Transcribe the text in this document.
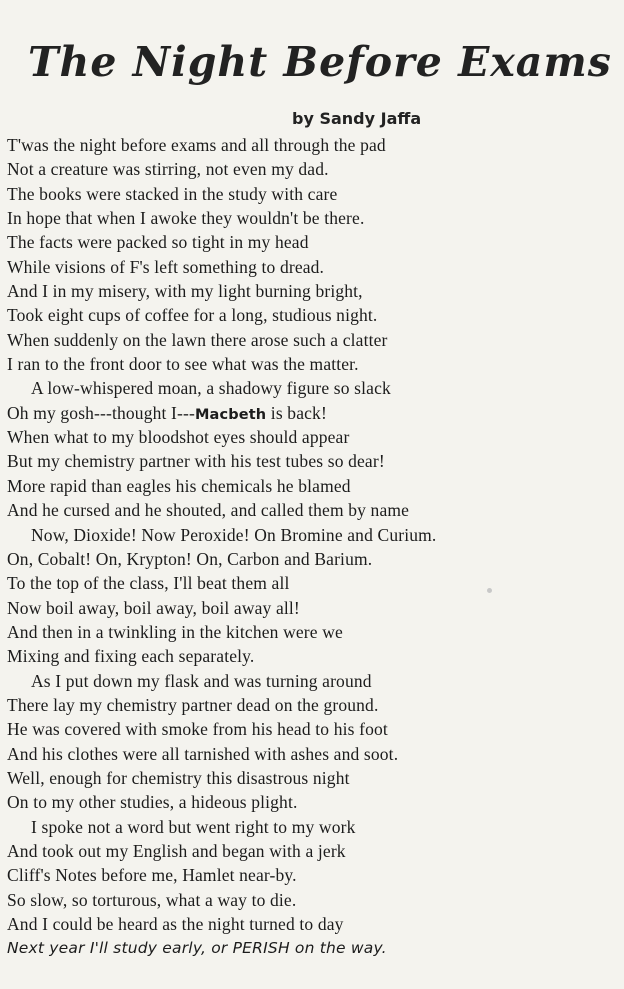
The Night Before Exams
by Sandy Jaffa
T'was the night before exams and all through the pad
Not a creature was stirring, not even my dad.
The books were stacked in the study with care
In hope that when I awoke they wouldn't be there.
The facts were packed so tight in my head
While visions of F's left something to dread.
And I in my misery, with my light burning bright,
Took eight cups of coffee for a long, studious night.
When suddenly on the lawn there arose such a clatter
I ran to the front door to see what was the matter.
A low-whispered moan, a shadowy figure so slack
Oh my gosh---thought I---Macbeth is back!
When what to my bloodshot eyes should appear
But my chemistry partner with his test tubes so dear!
More rapid than eagles his chemicals he blamed
And he cursed and he shouted, and called them by name
Now, Dioxide! Now Peroxide! On Bromine and Curium.
On, Cobalt! On, Krypton! On, Carbon and Barium.
To the top of the class, I'll beat them all
Now boil away, boil away, boil away all!
And then in a twinkling in the kitchen were we
Mixing and fixing each separately.
As I put down my flask and was turning around
There lay my chemistry partner dead on the ground.
He was covered with smoke from his head to his foot
And his clothes were all tarnished with ashes and soot.
Well, enough for chemistry this disastrous night
On to my other studies, a hideous plight.
I spoke not a word but went right to my work
And took out my English and began with a jerk
Cliff's Notes before me, Hamlet near-by.
So slow, so torturous, what a way to die.
And I could be heard as the night turned to day
Next year I'll study early, or PERISH on the way.
